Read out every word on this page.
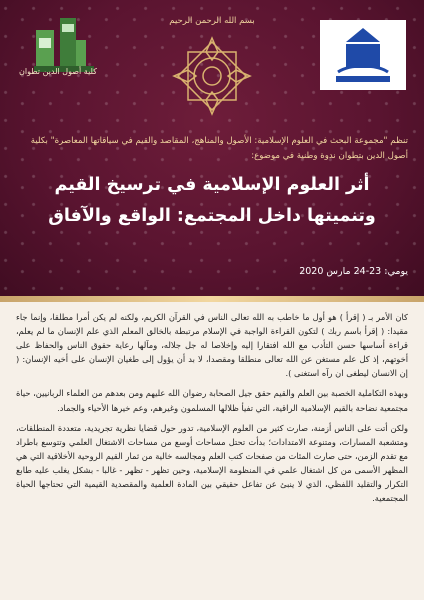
بسم الله الرحمن الرحيم
كلية أصول الدين تطوان
تنظم "مجموعة البحث في العلوم الإسلامية: الأصول والمناهج، المقاصد والقيم في سياقاتها المعاصرة" بكلية أصول الدين بتطوان ندوة وطنية في موضوع:
أثر العلوم الإسلامية في ترسيخ القيم
وتنميتها داخل المجتمع: الواقع والآفاق
يومي: 23-24 مارس 2020

كان الأمر بـ ( إقرأ ) هو أول ما خاطب به الله تعالى الناس في القرآن الكريم، ولكنه لم يكن أمرا مطلقا، وإنما جاء مقيدا: ( إقرأ باسم ربك ) لتكون القراءة الواجبة في الإسلام مرتبطة بالخالق المعلم الذي علم الإنسان ما لم يعلم، قراءة أساسها حسن التأدب مع الله افتقارا إليه وإخلاصا له جل جلاله، ومآلها رعاية حقوق الناس والحفاظ على أخوتهم، إذ كل علم مستغن عن الله تعالى منطلقا ومقصدا، لا بد أن يؤول إلى طغيان الإنسان على أخيه الإنسان: ( إن الانسان ليطغى ان رآه استغنى ).

وبهذه التكاملية الخصبة بين العلم والقيم حقق جيل الصحابة رضوان الله عليهم ومن بعدهم من العلماء الربانيين، حياة مجتمعية نضاحة بالقيم الإسلامية الراقية، التي تفيأ ظلالها المسلمون وغيرهم، وعم خيرها الأحياء والجماد.

ولكن أتت على الناس أزمنة، صارت كثير من العلوم الإسلامية، تدور حول قضايا نظرية تجريدية، متعددة المنطلقات، ومتشعبة المسارات، ومتنوعة الامتدادات؛ بدأت تحتل مساحات أوسع من مساحات الاشتغال العلمي وتتوسع باطراد مع تقدم الزمن، حتى صارت المئات من صفحات كتب العلم ومجالسه خالية من ثمار القيم الروحية الأخلاقية التي هي المظهر الأسمى من كل اشتغال علمي في المنظومة الإسلامية، وحين تظهر - تظهر - غالبا - بشكل يغلب عليه طابع التكرار والتقليد اللفظي، الذي لا ينبئ عن تفاعل حقيقي بين المادة العلمية والمقصدية القيمية التي تحتاجها الحياة المجتمعية.
